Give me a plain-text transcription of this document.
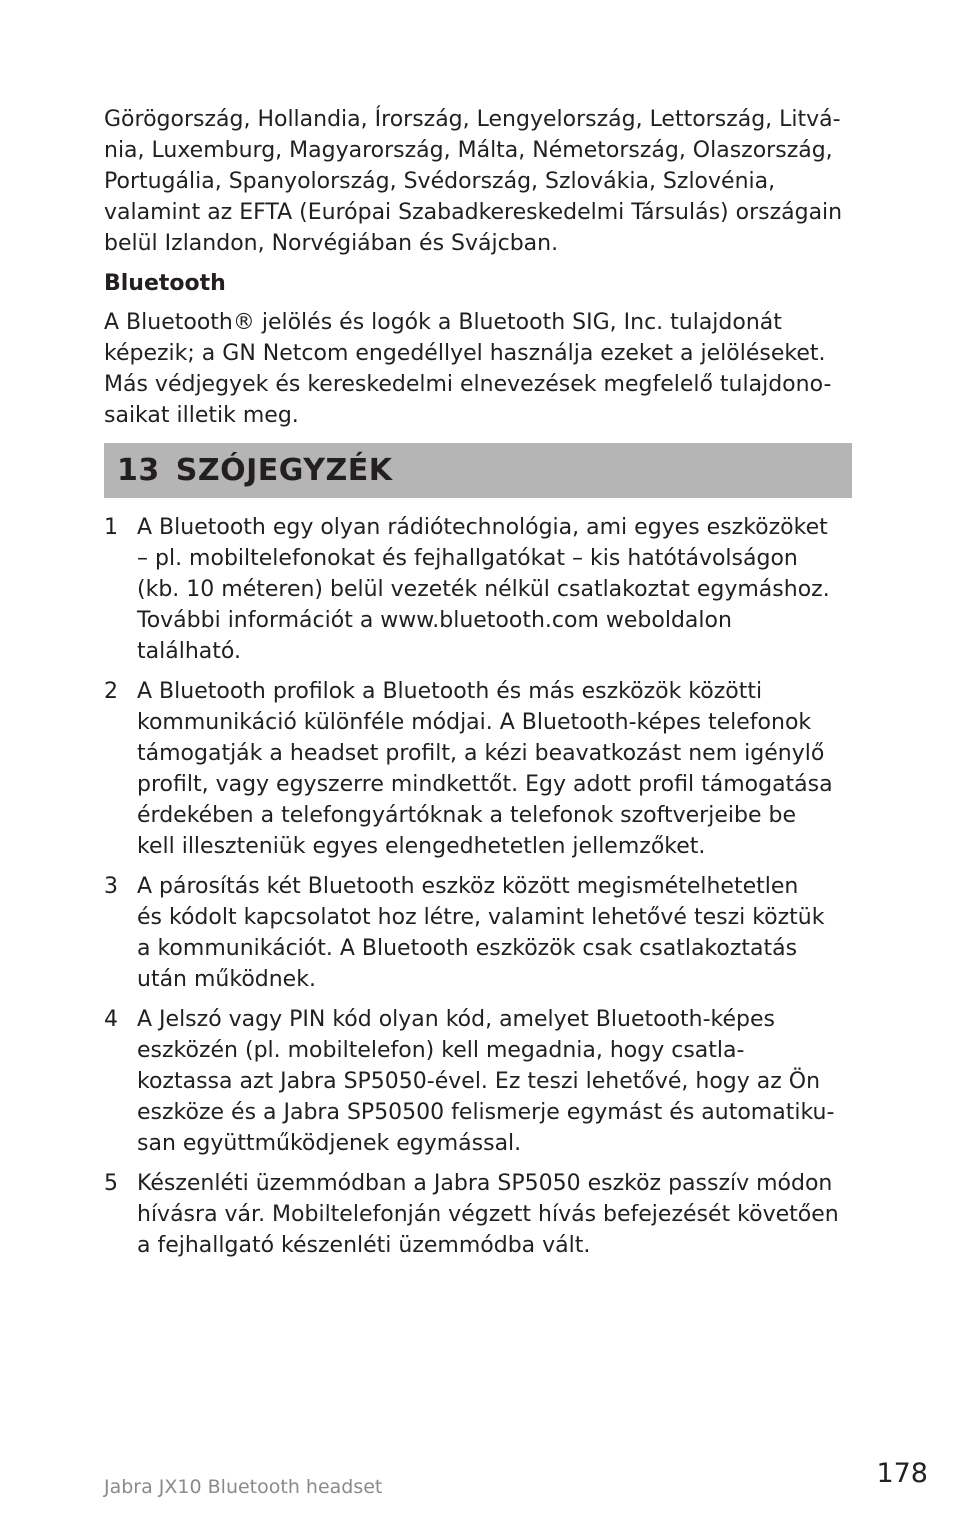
Görögország, Hollandia, Írország, Lengyelország, Lettország, Litvá-
nia, Luxemburg, Magyarország, Málta, Németország, Olaszország,
Portugália, Spanyolország, Svédország, Szlovákia, Szlovénia,
valamint az EFTA (Európai Szabadkereskedelmi Társulás) országain
belül Izlandon, Norvégiában és Svájcban.
Bluetooth
A Bluetooth® jelölés és logók a Bluetooth SIG, Inc. tulajdonát
képezik; a GN Netcom engedéllyel használja ezeket a jelöléseket.
Más védjegyek és kereskedelmi elnevezések megfelelő tulajdono-
saikat illetik meg.
13 SZÓJEGYZÉK
1 A Bluetooth egy olyan rádiótechnológia, ami egyes eszközöket
– pl. mobiltelefonokat és fejhallgatókat – kis hatótávolságon
(kb. 10 méteren) belül vezeték nélkül csatlakoztat egymáshoz.
További információt a www.bluetooth.com weboldalon
található.
2 A Bluetooth profilok a Bluetooth és más eszközök közötti
kommunikáció különféle módjai. A Bluetooth-képes telefonok
támogatják a headset profilt, a kézi beavatkozást nem igénylő
profilt, vagy egyszerre mindkettőt. Egy adott profil támogatása
érdekében a telefongyártóknak a telefonok szoftverjeibe be
kell illeszteniük egyes elengedhetetlen jellemzőket.
3 A párosítás két Bluetooth eszköz között megismételhetetlen
és kódolt kapcsolatot hoz létre, valamint lehetővé teszi köztük
a kommunikációt. A Bluetooth eszközök csak csatlakoztatás
után működnek.
4 A Jelszó vagy PIN kód olyan kód, amelyet Bluetooth-képes
eszközén (pl. mobiltelefon) kell megadnia, hogy csatla-
koztassa azt Jabra SP5050-ével. Ez teszi lehetővé, hogy az Ön
eszköze és a Jabra SP50500 felismerje egymást és automatiku-
san együttműködjenek egymással.
5 Készenléti üzemmódban a Jabra SP5050 eszköz passzív módon
hívásra vár. Mobiltelefonján végzett hívás befejezését követően
a fejhallgató készenléti üzemmódba vált.
Jabra JX10 Bluetooth headset	178
